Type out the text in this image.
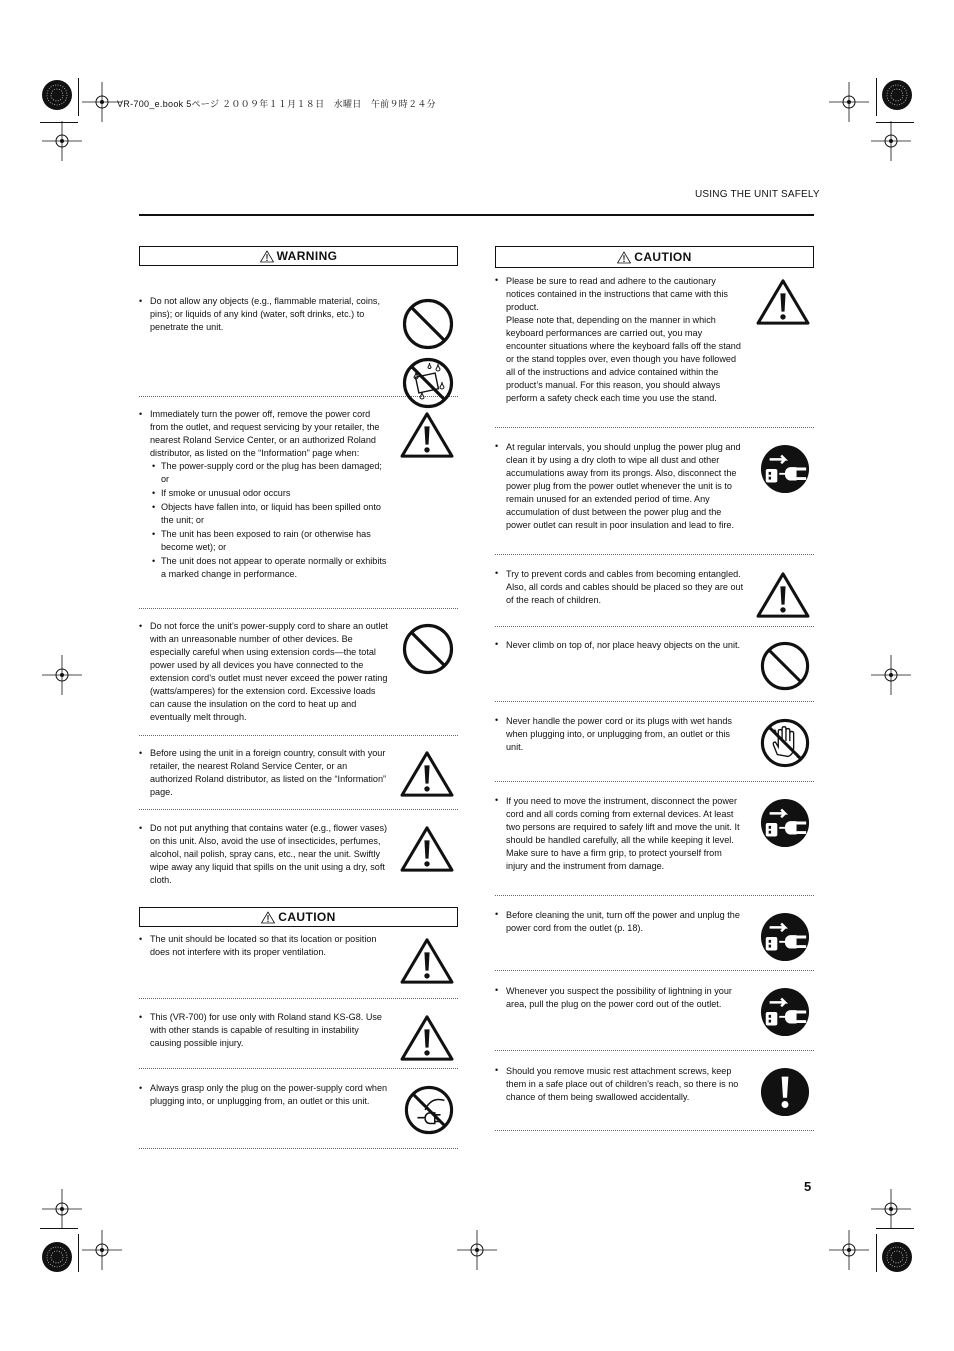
VR-700_e.book 5ページ ２００９年１１月１８日　水曜日　午前９時２４分
USING THE UNIT SAFELY
WARNING
• Do not allow any objects (e.g., flammable material, coins, pins); or liquids of any kind (water, soft drinks, etc.) to penetrate the unit.
• Immediately turn the power off, remove the power cord from the outlet, and request servicing by your retailer, the nearest Roland Service Center, or an authorized Roland distributor, as listed on the “Information” page when:
• The power-supply cord or the plug has been damaged; or
• If smoke or unusual odor occurs
• Objects have fallen into, or liquid has been spilled onto the unit; or
• The unit has been exposed to rain (or otherwise has become wet); or
• The unit does not appear to operate normally or exhibits a marked change in performance.
• Do not force the unit’s power-supply cord to share an outlet with an unreasonable number of other devices. Be especially careful when using extension cords—the total power used by all devices you have connected to the extension cord’s outlet must never exceed the power rating (watts/amperes) for the extension cord. Excessive loads can cause the insulation on the cord to heat up and eventually melt through.
• Before using the unit in a foreign country, consult with your retailer, the nearest Roland Service Center, or an authorized Roland distributor, as listed on the “Information” page.
• Do not put anything that contains water (e.g., flower vases) on this unit. Also, avoid the use of insecticides, perfumes, alcohol, nail polish, spray cans, etc., near the unit. Swiftly wipe away any liquid that spills on the unit using a dry, soft cloth.
CAUTION
• The unit should be located so that its location or position does not interfere with its proper ventilation.
• This (VR-700) for use only with Roland stand KS-G8. Use with other stands is capable of resulting in instability causing possible injury.
• Always grasp only the plug on the power-supply cord when plugging into, or unplugging from, an outlet or this unit.
CAUTION
• Please be sure to read and adhere to the cautionary notices contained in the instructions that came with this product.
Please note that, depending on the manner in which keyboard performances are carried out, you may encounter situations where the keyboard falls off the stand or the stand topples over, even though you have followed all of the instructions and advice contained within the product’s manual. For this reason, you should always perform a safety check each time you use the stand.
• At regular intervals, you should unplug the power plug and clean it by using a dry cloth to wipe all dust and other accumulations away from its prongs. Also, disconnect the power plug from the power outlet whenever the unit is to remain unused for an extended period of time. Any accumulation of dust between the power plug and the power outlet can result in poor insulation and lead to fire.
• Try to prevent cords and cables from becoming entangled. Also, all cords and cables should be placed so they are out of the reach of children.
• Never climb on top of, nor place heavy objects on the unit.
• Never handle the power cord or its plugs with wet hands when plugging into, or unplugging from, an outlet or this unit.
• If you need to move the instrument, disconnect the power cord and all cords coming from external devices. At least two persons are required to safely lift and move the unit. It should be handled carefully, all the while keeping it level. Make sure to have a firm grip, to protect yourself from injury and the instrument from damage.
• Before cleaning the unit, turn off the power and unplug the power cord from the outlet (p. 18).
• Whenever you suspect the possibility of lightning in your area, pull the plug on the power cord out of the outlet.
• Should you remove music rest attachment screws, keep them in a safe place out of children’s reach, so there is no chance of them being swallowed accidentally.
5
